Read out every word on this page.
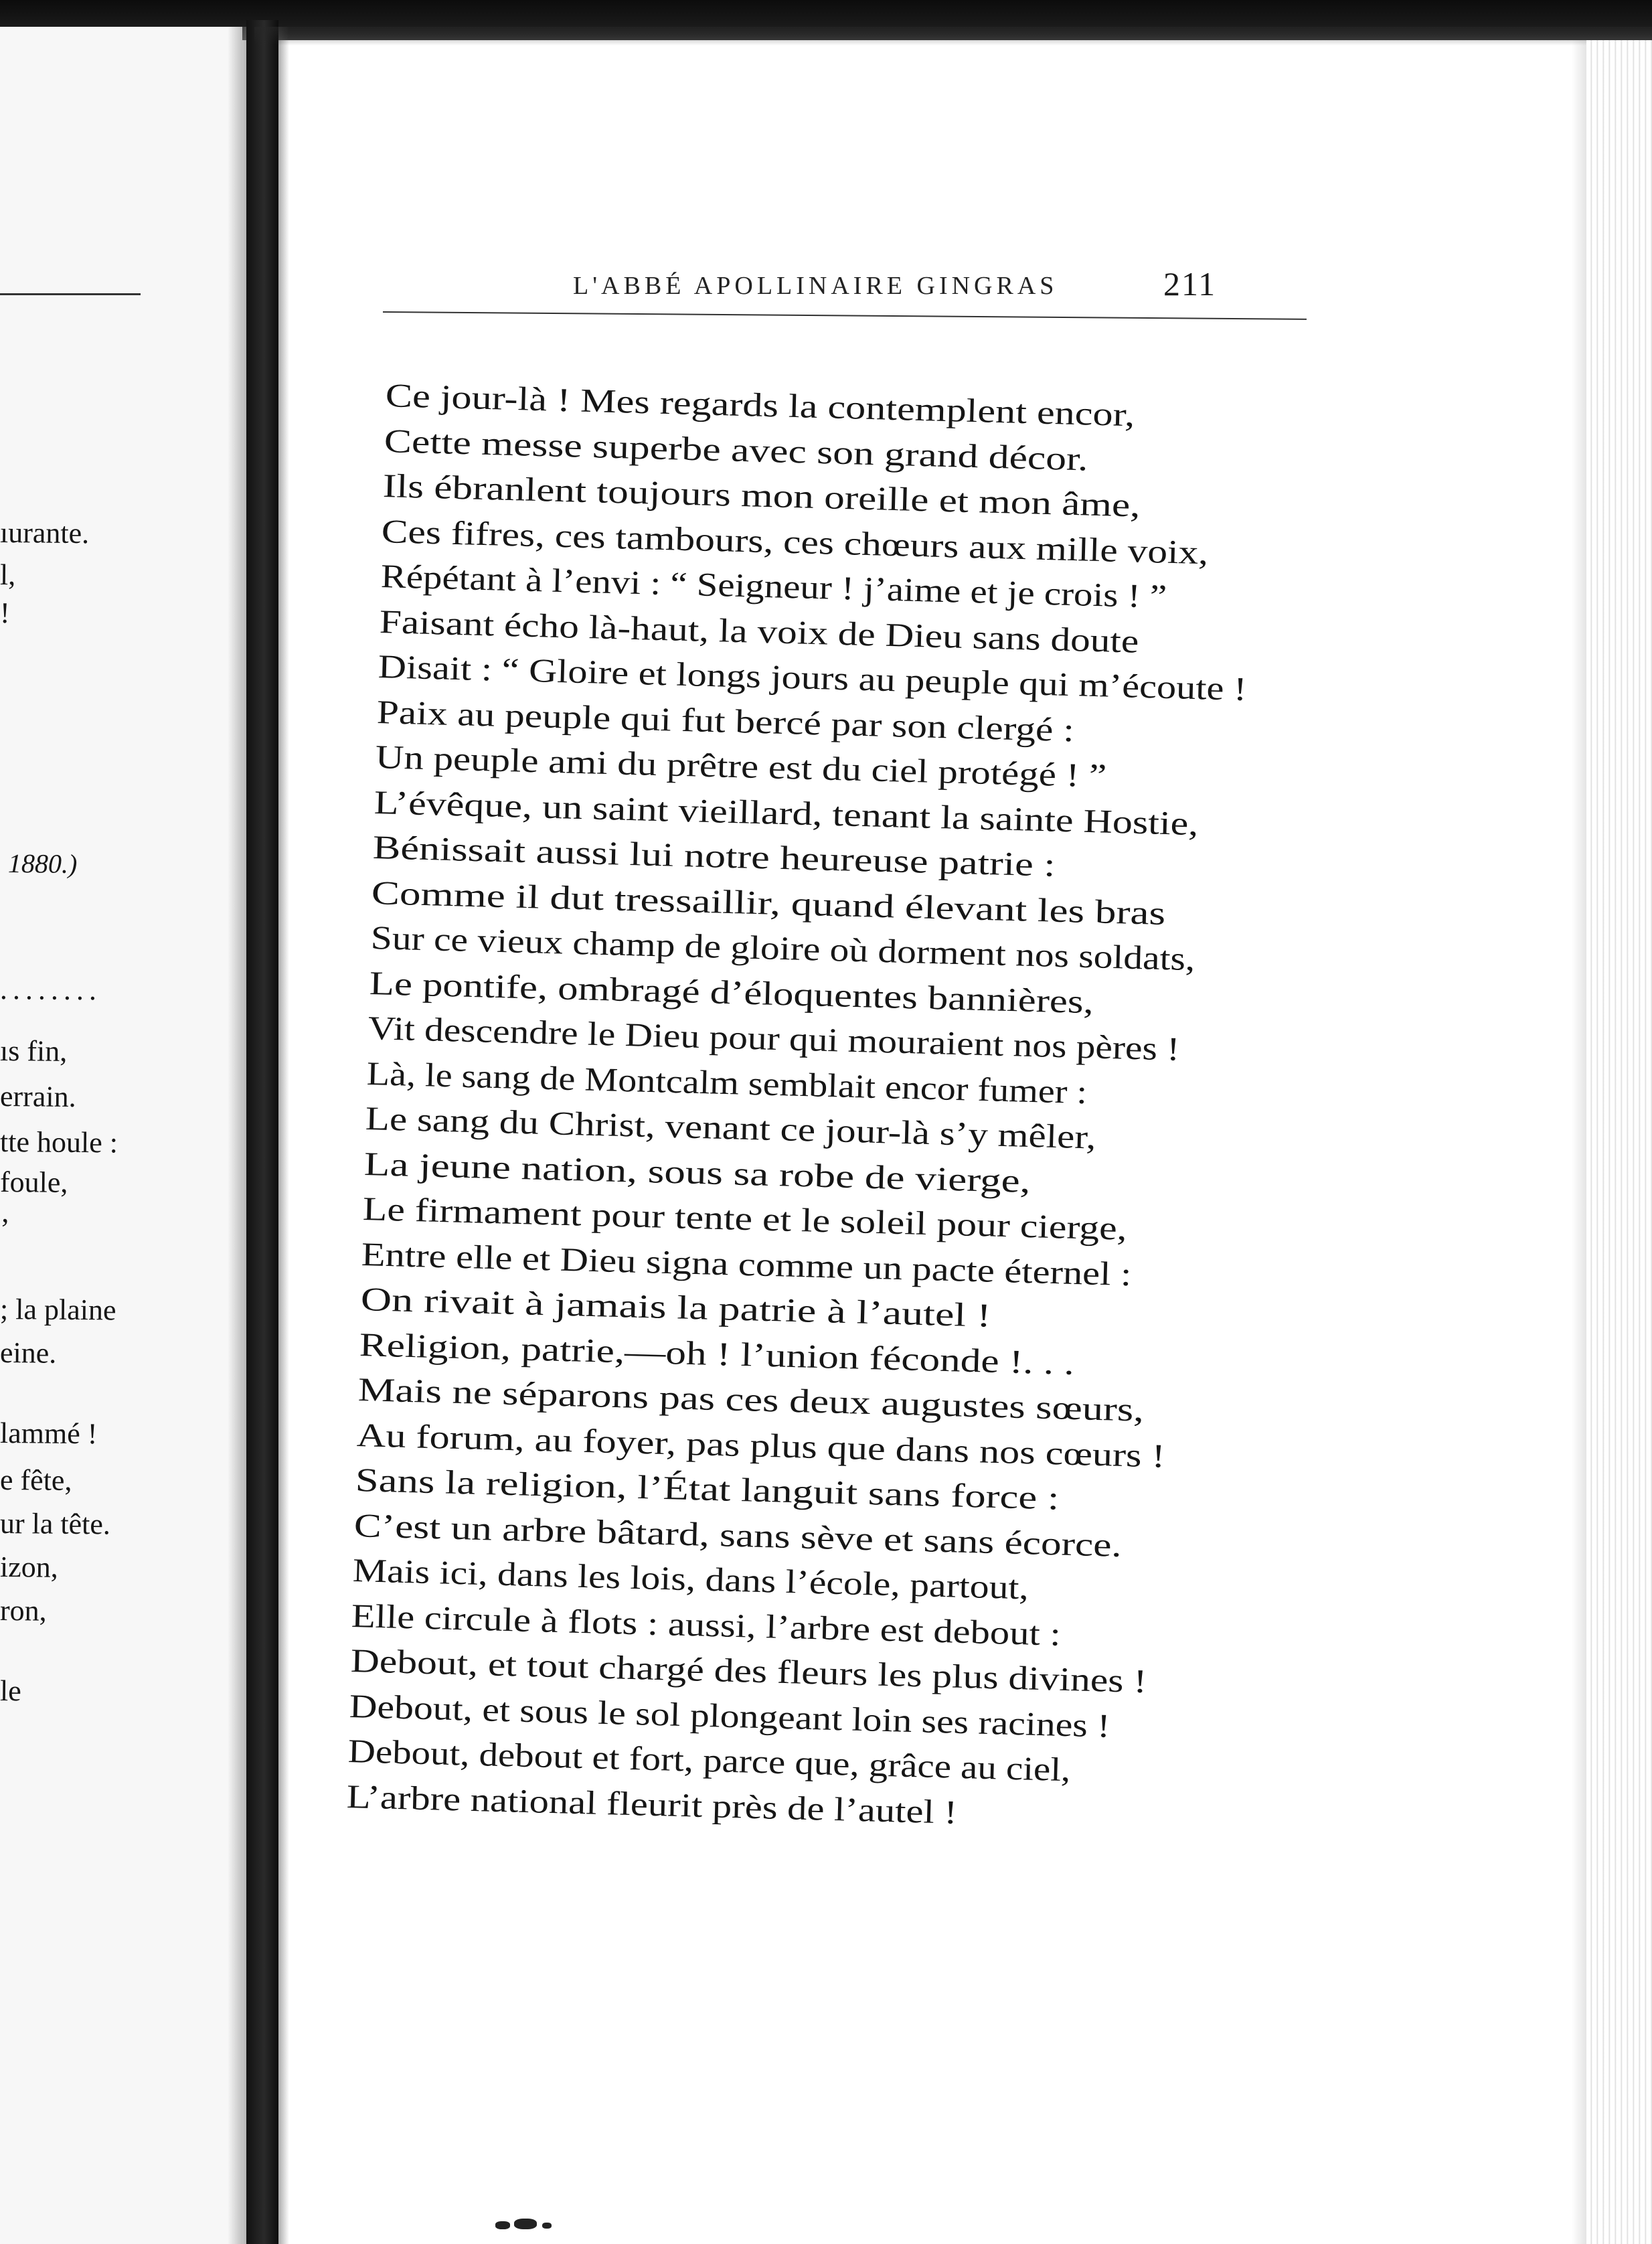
ıurante.
l,
!
1880.)
........
ıs fin,
errain.
tte houle :
foule,
’
; la plaine
eine.
lammé !
e fête,
ur la tête.
izon,
ron,
le
L'ABBÉ APOLLINAIRE GINGRAS	211
Ce jour-là ! Mes regards la contemplent encor,
Cette messe superbe avec son grand décor.
Ils ébranlent toujours mon oreille et mon âme,
Ces fifres, ces tambours, ces chœurs aux mille voix,
Répétant à l’envi : “ Seigneur ! j’aime et je crois ! ”
Faisant écho là-haut, la voix de Dieu sans doute
Disait : “ Gloire et longs jours au peuple qui m’écoute !
Paix au peuple qui fut bercé par son clergé :
Un peuple ami du prêtre est du ciel protégé ! ”
L’évêque, un saint vieillard, tenant la sainte Hostie,
Bénissait aussi lui notre heureuse patrie :
Comme il dut tressaillir, quand élevant les bras
Sur ce vieux champ de gloire où dorment nos soldats,
Le pontife, ombragé d’éloquentes bannières,
Vit descendre le Dieu pour qui mouraient nos pères !
Là, le sang de Montcalm semblait encor fumer :
Le sang du Christ, venant ce jour-là s’y mêler,
La jeune nation, sous sa robe de vierge,
Le firmament pour tente et le soleil pour cierge,
Entre elle et Dieu signa comme un pacte éternel :
On rivait à jamais la patrie à l’autel !
Religion, patrie,—oh ! l’union féconde !. . .
Mais ne séparons pas ces deux augustes sœurs,
Au forum, au foyer, pas plus que dans nos cœurs !
Sans la religion, l’État languit sans force :
C’est un arbre bâtard, sans sève et sans écorce.
Mais ici, dans les lois, dans l’école, partout,
Elle circule à flots : aussi, l’arbre est debout :
Debout, et tout chargé des fleurs les plus divines !
Debout, et sous le sol plongeant loin ses racines !
Debout, debout et fort, parce que, grâce au ciel,
L’arbre national fleurit près de l’autel !
